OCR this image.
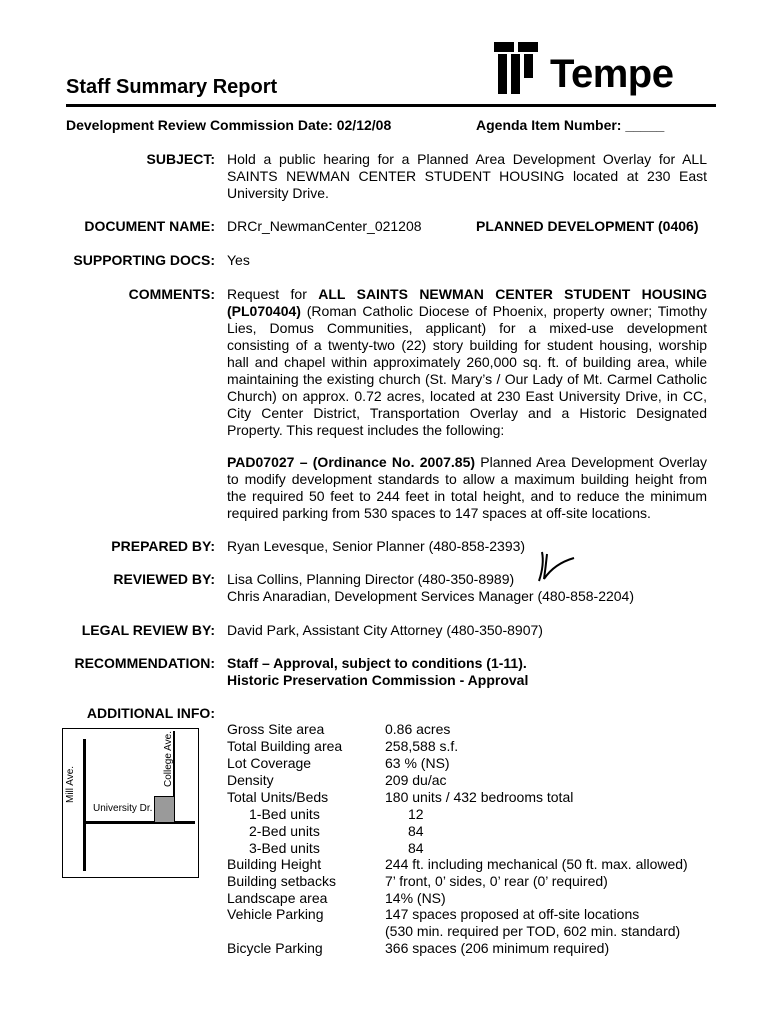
Tempe
Staff Summary Report
Development Review Commission Date: 02/12/08	Agenda Item Number: _____
SUBJECT: Hold a public hearing for a Planned Area Development Overlay for ALL SAINTS NEWMAN CENTER STUDENT HOUSING located at 230 East University Drive.
DOCUMENT NAME: DRCr_NewmanCenter_021208	PLANNED DEVELOPMENT (0406)
SUPPORTING DOCS: Yes
COMMENTS: Request for ALL SAINTS NEWMAN CENTER STUDENT HOUSING (PL070404) (Roman Catholic Diocese of Phoenix, property owner; Timothy Lies, Domus Communities, applicant) for a mixed-use development consisting of a twenty-two (22) story building for student housing, worship hall and chapel within approximately 260,000 sq. ft. of building area, while maintaining the existing church (St. Mary’s / Our Lady of Mt. Carmel Catholic Church) on approx. 0.72 acres, located at 230 East University Drive, in CC, City Center District, Transportation Overlay and a Historic Designated Property. This request includes the following:
PAD07027 – (Ordinance No. 2007.85) Planned Area Development Overlay to modify development standards to allow a maximum building height from the required 50 feet to 244 feet in total height, and to reduce the minimum required parking from 530 spaces to 147 spaces at off-site locations.
PREPARED BY: Ryan Levesque, Senior Planner (480-858-2393)
REVIEWED BY: Lisa Collins, Planning Director (480-350-8989)
Chris Anaradian, Development Services Manager (480-858-2204)
LEGAL REVIEW BY: David Park, Assistant City Attorney (480-350-8907)
RECOMMENDATION: Staff – Approval, subject to conditions (1-11).
Historic Preservation Commission - Approval
ADDITIONAL INFO:
Gross Site area	0.86 acres
Total Building area	258,588 s.f.
Lot Coverage	63 % (NS)
Density	209 du/ac
Total Units/Beds	180 units / 432 bedrooms total
1-Bed units	12
2-Bed units	84
3-Bed units	84
Building Height	244 ft. including mechanical (50 ft. max. allowed)
Building setbacks	7’ front, 0’ sides, 0’ rear (0’ required)
Landscape area	14% (NS)
Vehicle Parking	147 spaces proposed at off-site locations
(530 min. required per TOD, 602 min. standard)
Bicycle Parking	366 spaces (206 minimum required)
Mill Ave.	College Ave.
University Dr.
